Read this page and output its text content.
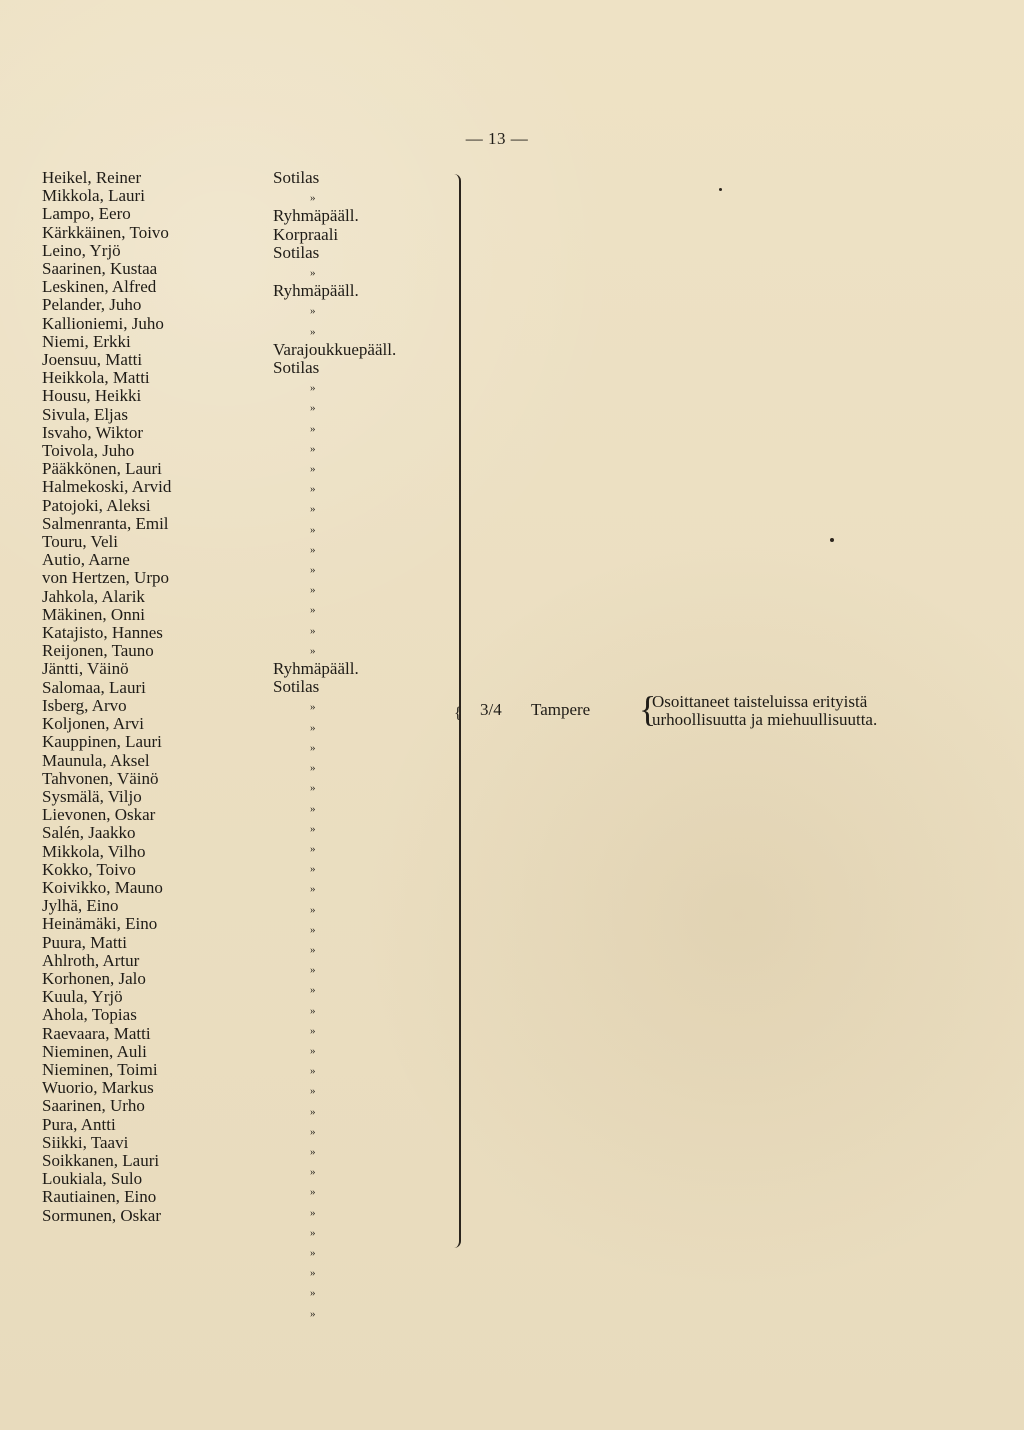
— 13 —
Heikel, Reiner
Mikkola, Lauri
Lampo, Eero
Kärkkäinen, Toivo
Leino, Yrjö
Saarinen, Kustaa
Leskinen, Alfred
Pelander, Juho
Kallioniemi, Juho
Niemi, Erkki
Joensuu, Matti
Heikkola, Matti
Housu, Heikki
Sivula, Eljas
Isvaho, Wiktor
Toivola, Juho
Pääkkönen, Lauri
Halmekoski, Arvid
Patojoki, Aleksi
Salmenranta, Emil
Touru, Veli
Autio, Aarne
von Hertzen, Urpo
Jahkola, Alarik
Mäkinen, Onni
Katajisto, Hannes
Reijonen, Tauno
Jäntti, Väinö
Salomaa, Lauri
Isberg, Arvo
Koljonen, Arvi
Kauppinen, Lauri
Maunula, Aksel
Tahvonen, Väinö
Sysmälä, Viljo
Lievonen, Oskar
Salén, Jaakko
Mikkola, Vilho
Kokko, Toivo
Koivikko, Mauno
Jylhä, Eino
Heinämäki, Eino
Puura, Matti
Ahlroth, Artur
Korhonen, Jalo
Kuula, Yrjö
Ahola, Topias
Raevaara, Matti
Nieminen, Auli
Nieminen, Toimi
Wuorio, Markus
Saarinen, Urho
Pura, Antti
Siikki, Taavi
Soikkanen, Lauri
Loukiala, Sulo
Rautiainen, Eino
Sormunen, Oskar
Sotilas
»
Ryhmäpääll.
Korpraali
Sotilas
»
Ryhmäpääll.
»
»
Varajoukkuepääll.
Sotilas
»
»
»
»
»
»
»
»
»
»
»
»
»
»
Ryhmäpääll.
Sotilas
»
»
»
»
»
»
»
»
»
»
»
»
»
»
»
»
»
»
»
»
»
»
»
»
»
»
»
»
»
»
»
{ 3/4 Tampere {
Osoittaneet taisteluissa erityistä
urhoollisuutta ja miehuullisuutta.
